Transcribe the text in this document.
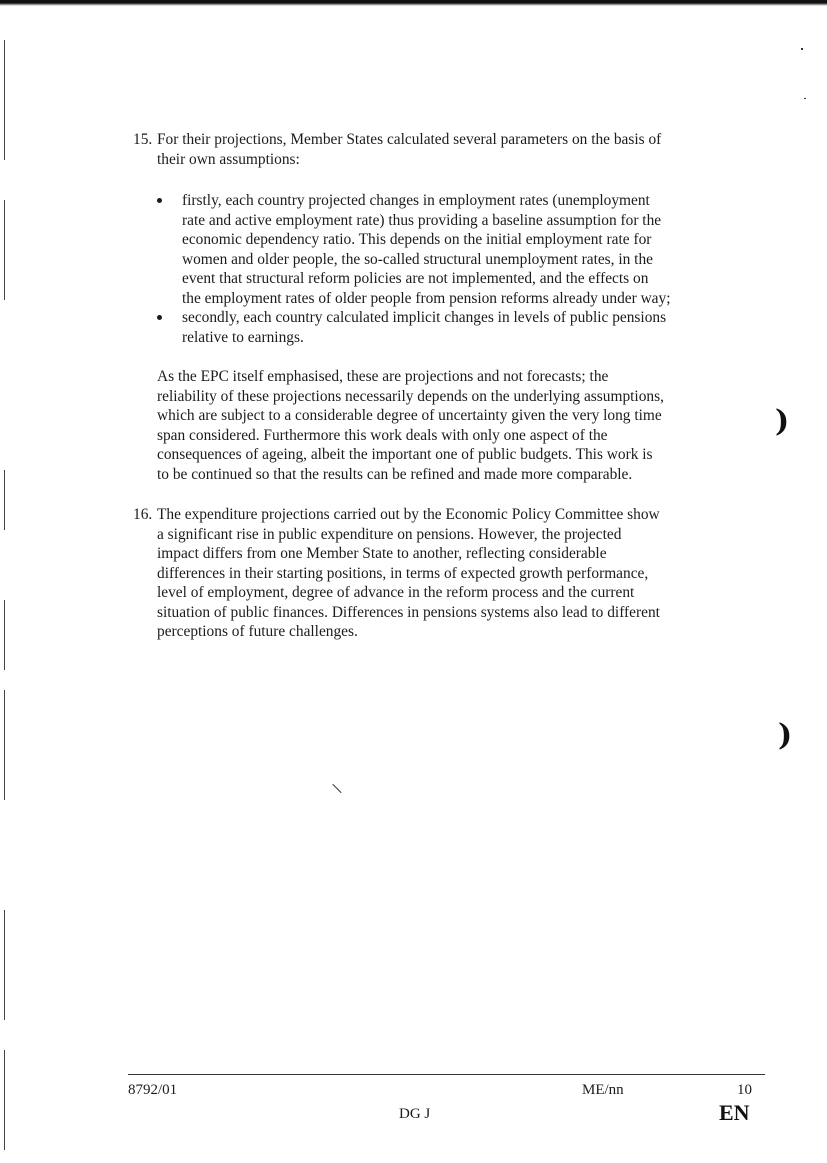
15. For their projections, Member States calculated several parameters on the basis of
their own assumptions:

firstly, each country projected changes in employment rates (unemployment
rate and active employment rate) thus providing a baseline assumption for the
economic dependency ratio. This depends on the initial employment rate for
women and older people, the so-called structural unemployment rates, in the
event that structural reform policies are not implemented, and the effects on
the employment rates of older people from pension reforms already under way;

secondly, each country calculated implicit changes in levels of public pensions
relative to earnings.

As the EPC itself emphasised, these are projections and not forecasts; the
reliability of these projections necessarily depends on the underlying assumptions,
which are subject to a considerable degree of uncertainty given the very long time
span considered. Furthermore this work deals with only one aspect of the
consequences of ageing, albeit the important one of public budgets. This work is
to be continued so that the results can be refined and made more comparable.

16. The expenditure projections carried out by the Economic Policy Committee show
a significant rise in public expenditure on pensions. However, the projected
impact differs from one Member State to another, reflecting considerable
differences in their starting positions, in terms of expected growth performance,
level of employment, degree of advance in the reform process and the current
situation of public finances. Differences in pensions systems also lead to different
perceptions of future challenges.

)
)
8792/01	ME/nn	10
DG J	EN
